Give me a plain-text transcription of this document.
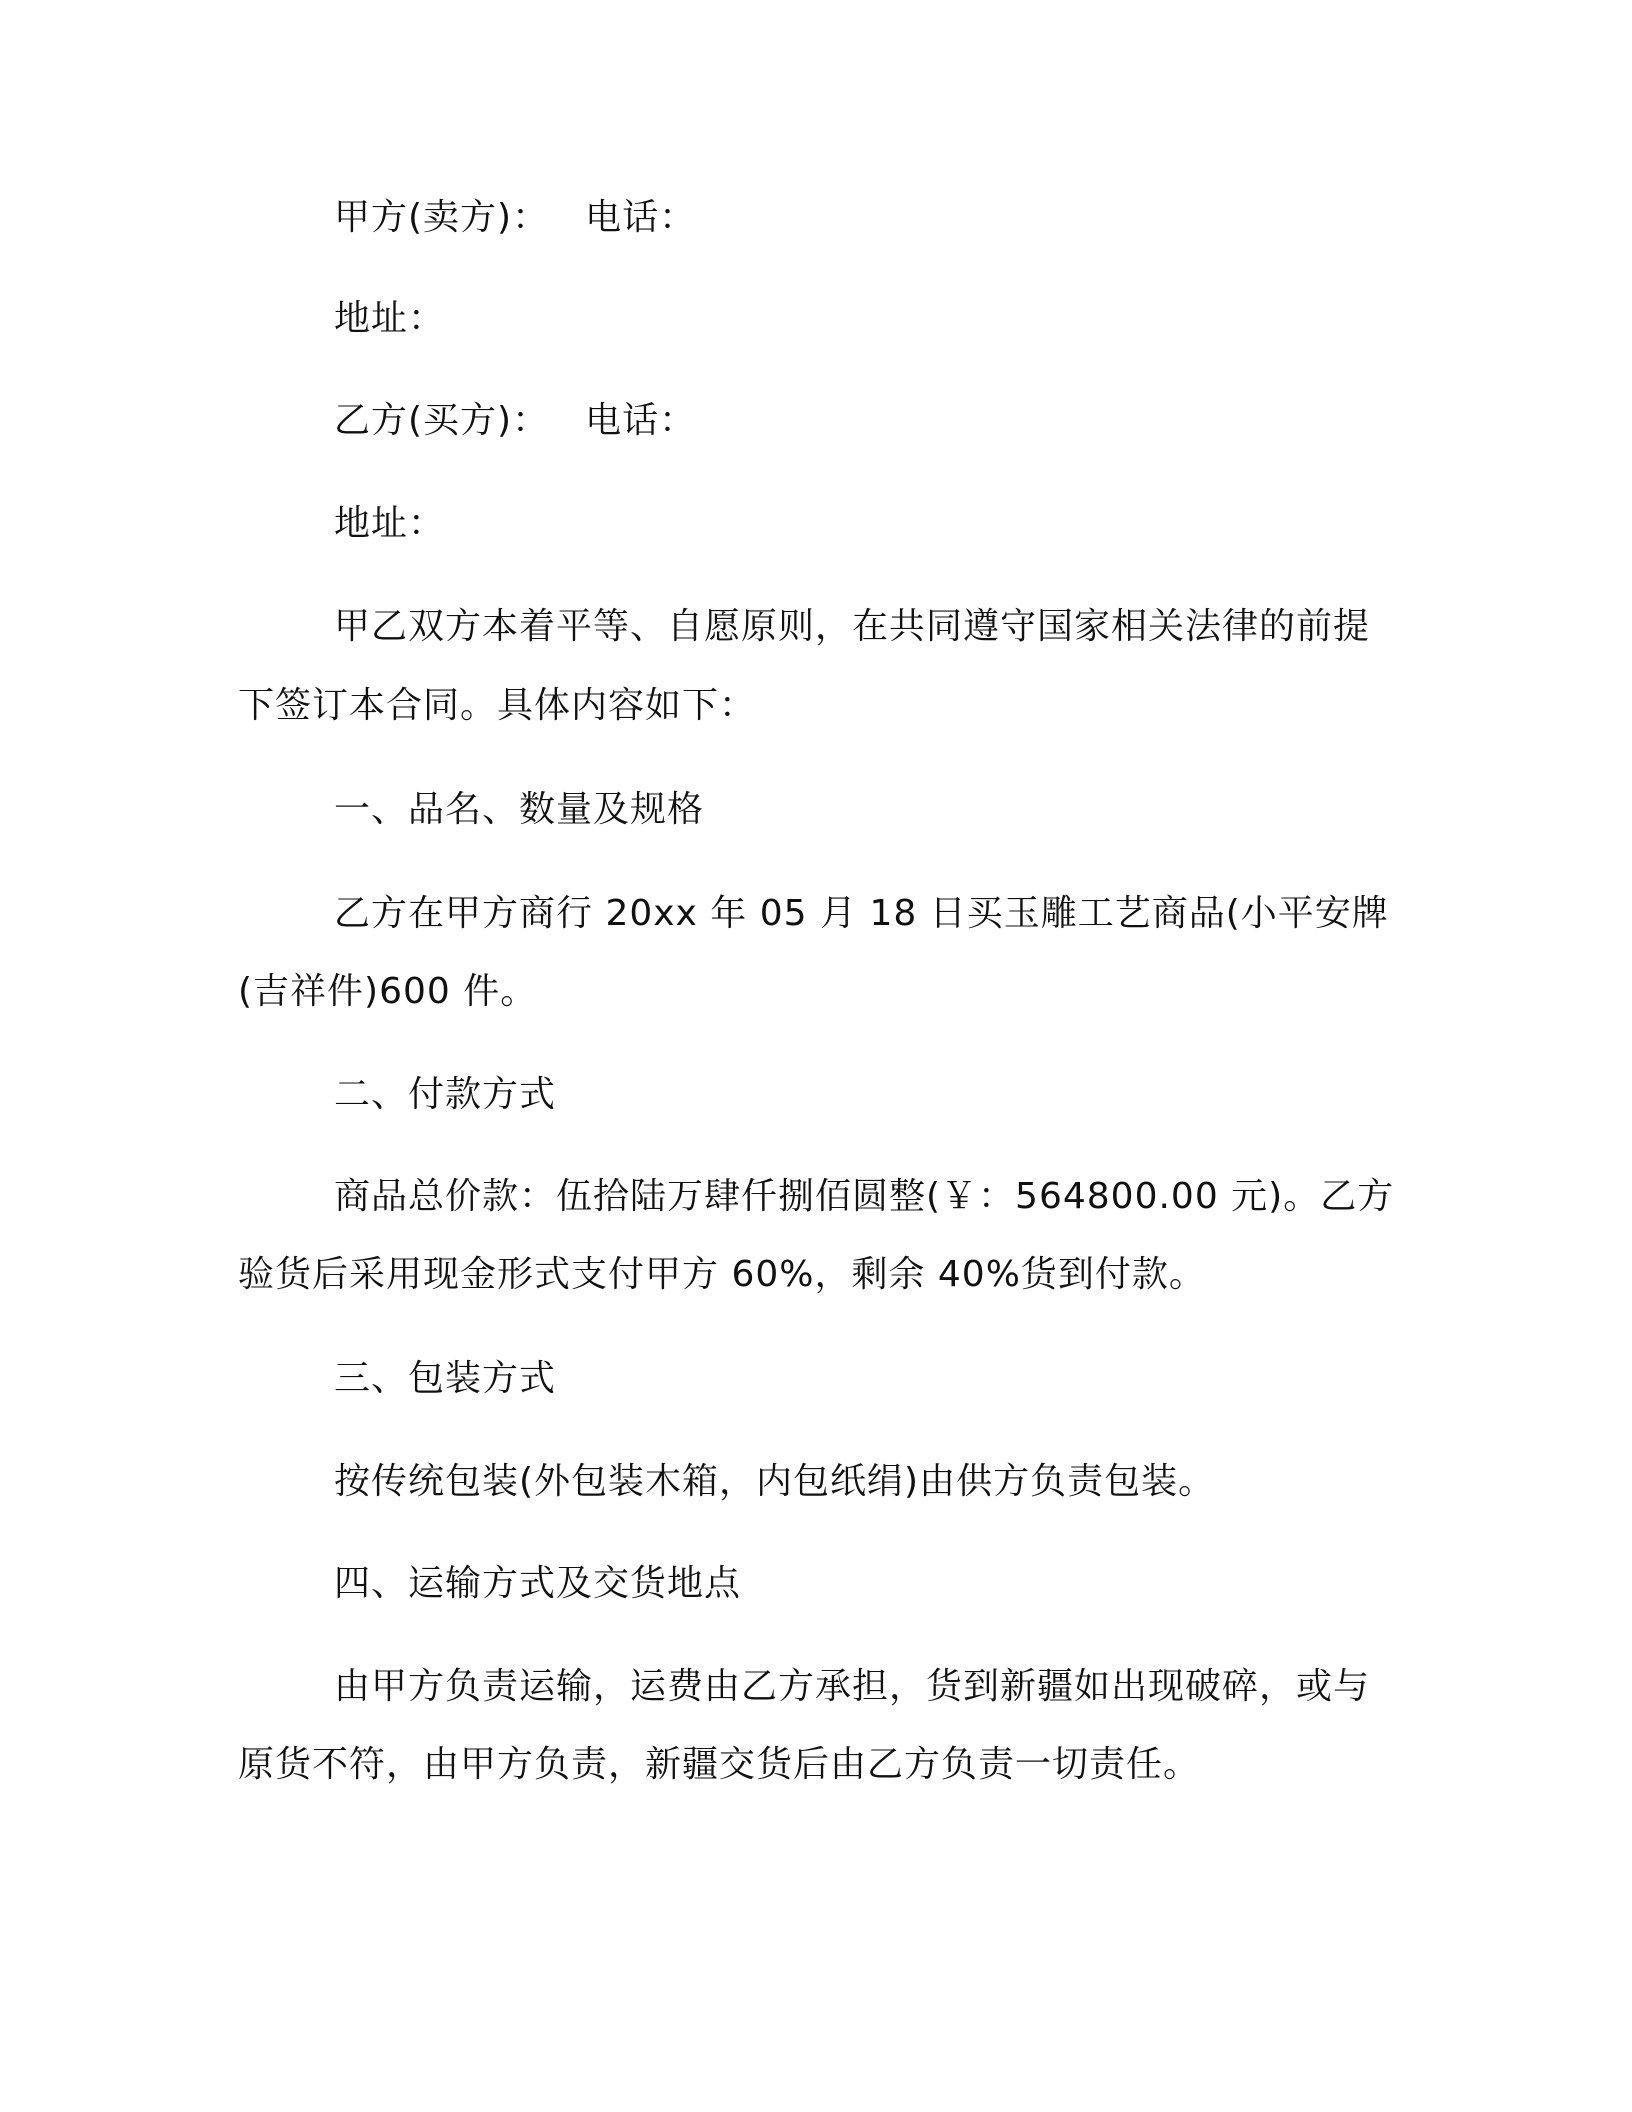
甲方(卖方)： 电话：
地址：
乙方(买方)： 电话：
地址：
甲乙双方本着平等、自愿原则，在共同遵守国家相关法律的前提
下签订本合同。具体内容如下：
一、品名、数量及规格
乙方在甲方商行 20xx 年 05 月 18 日买玉雕工艺商品(小平安牌
(吉祥件)600 件。
二、付款方式
商品总价款：伍拾陆万肆仟捌佰圆整(￥：564800.00 元)。乙方
验货后采用现金形式支付甲方 60%，剩余 40%货到付款。
三、包装方式
按传统包装(外包装木箱，内包纸绢)由供方负责包装。
四、运输方式及交货地点
由甲方负责运输，运费由乙方承担，货到新疆如出现破碎，或与
原货不符，由甲方负责，新疆交货后由乙方负责一切责任。
